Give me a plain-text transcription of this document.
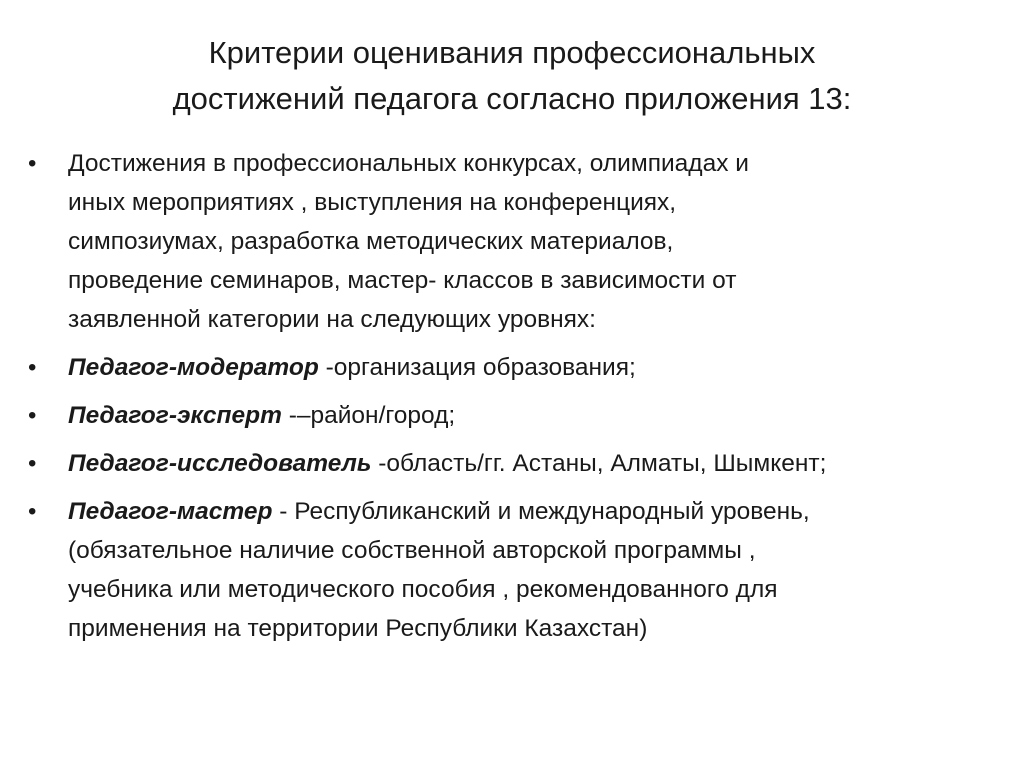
Критерии оценивания профессиональных
достижений педагога согласно приложения 13:
•	Достижения в профессиональных конкурсах, олимпиадах и
иных мероприятиях , выступления на конференциях,
симпозиумах, разработка методических материалов,
проведение семинаров, мастер- классов в зависимости от
заявленной категории на следующих уровнях:
•	Педагог-модератор -организация образования;
•	Педагог-эксперт -–район/город;
•	Педагог-исследователь -область/гг. Астаны, Алматы, Шымкент;
•	Педагог-мастер - Республиканский и международный уровень,
(обязательное наличие собственной авторской программы ,
учебника или методического пособия , рекомендованного для
применения на территории Республики Казахстан)
